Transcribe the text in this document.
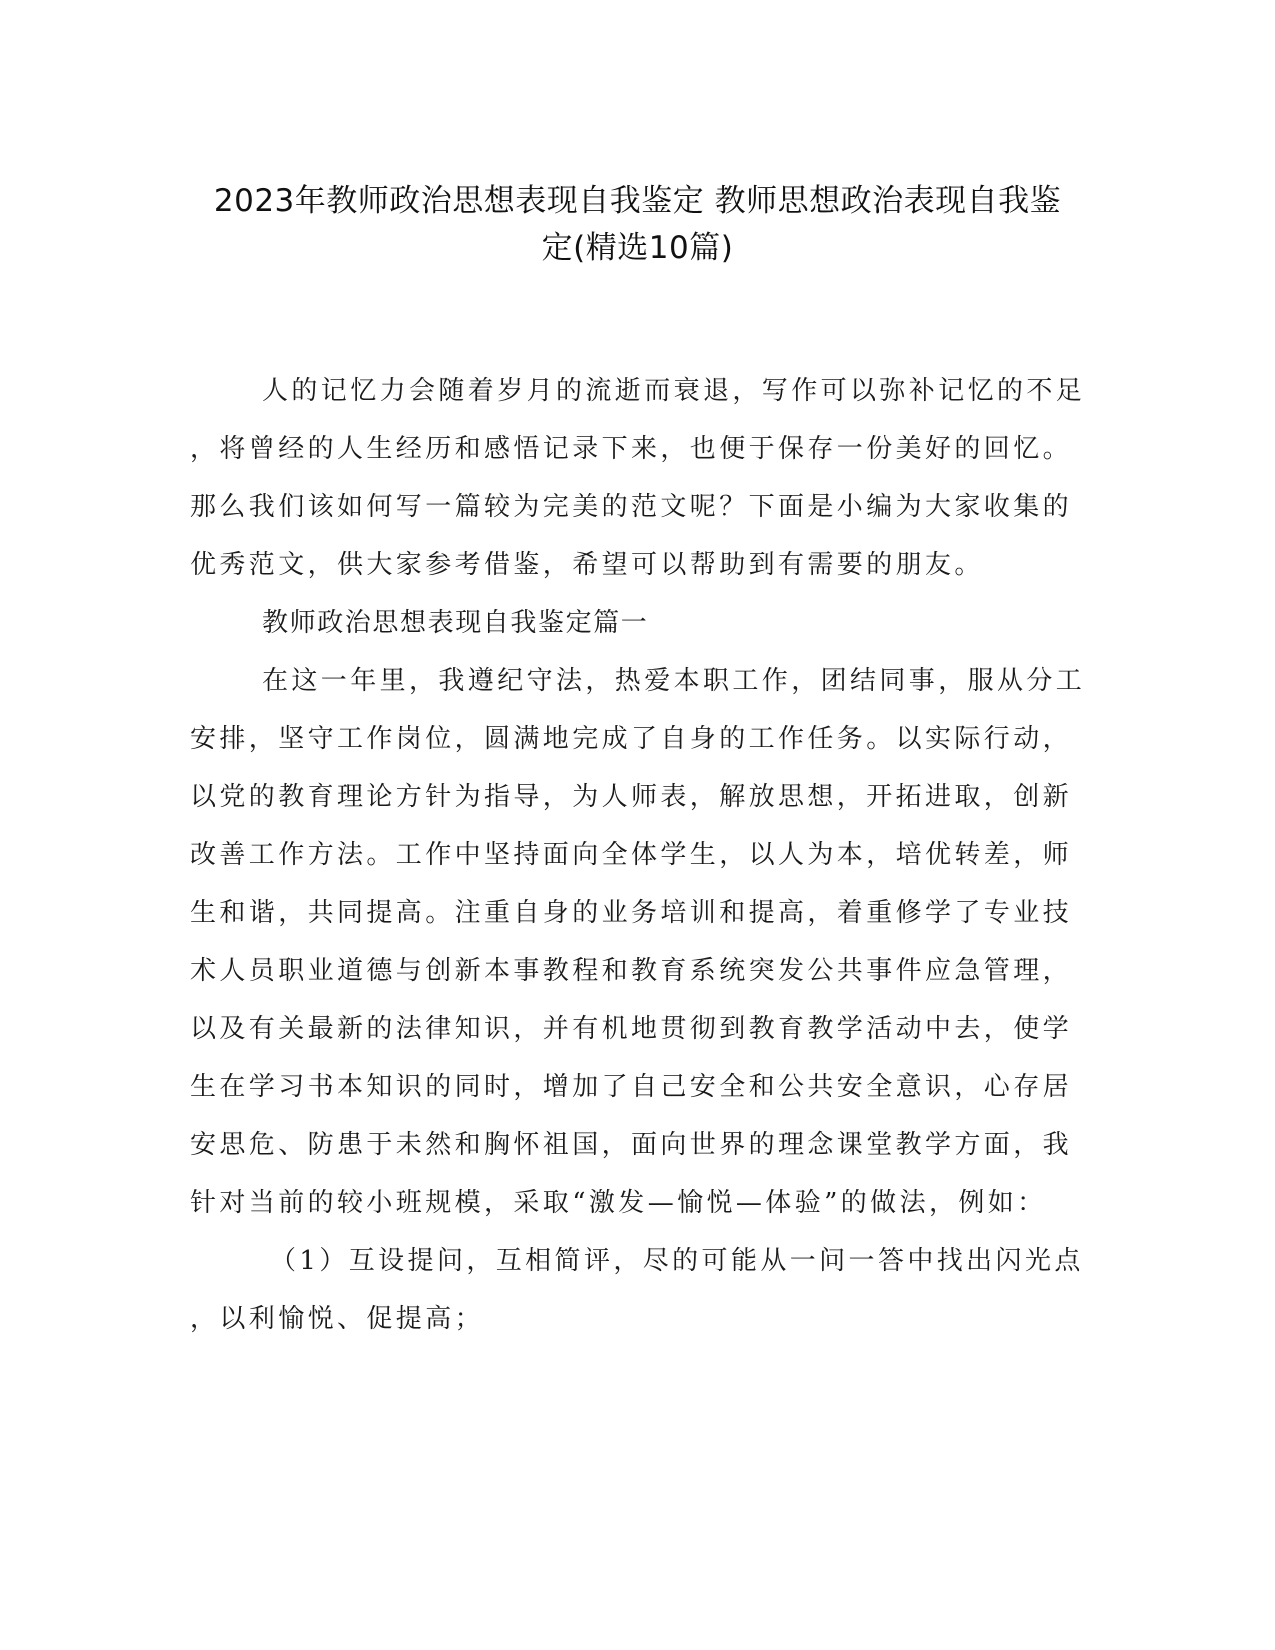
2023年教师政治思想表现自我鉴定 教师思想政治表现自我鉴
定(精选10篇)
人的记忆力会随着岁月的流逝而衰退，写作可以弥补记忆的不足
，将曾经的人生经历和感悟记录下来，也便于保存一份美好的回忆。
那么我们该如何写一篇较为完美的范文呢？下面是小编为大家收集的
优秀范文，供大家参考借鉴，希望可以帮助到有需要的朋友。
教师政治思想表现自我鉴定篇一
在这一年里，我遵纪守法，热爱本职工作，团结同事，服从分工
安排，坚守工作岗位，圆满地完成了自身的工作任务。以实际行动，
以党的教育理论方针为指导，为人师表，解放思想，开拓进取，创新
改善工作方法。工作中坚持面向全体学生，以人为本，培优转差，师
生和谐，共同提高。注重自身的业务培训和提高，着重修学了专业技
术人员职业道德与创新本事教程和教育系统突发公共事件应急管理，
以及有关最新的法律知识，并有机地贯彻到教育教学活动中去，使学
生在学习书本知识的同时，增加了自己安全和公共安全意识，心存居
安思危、防患于未然和胸怀祖国，面向世界的理念课堂教学方面，我
针对当前的较小班规模，采取“激发—愉悦—体验”的做法，例如：
（1）互设提问，互相简评，尽的可能从一问一答中找出闪光点
，以利愉悦、促提高；
